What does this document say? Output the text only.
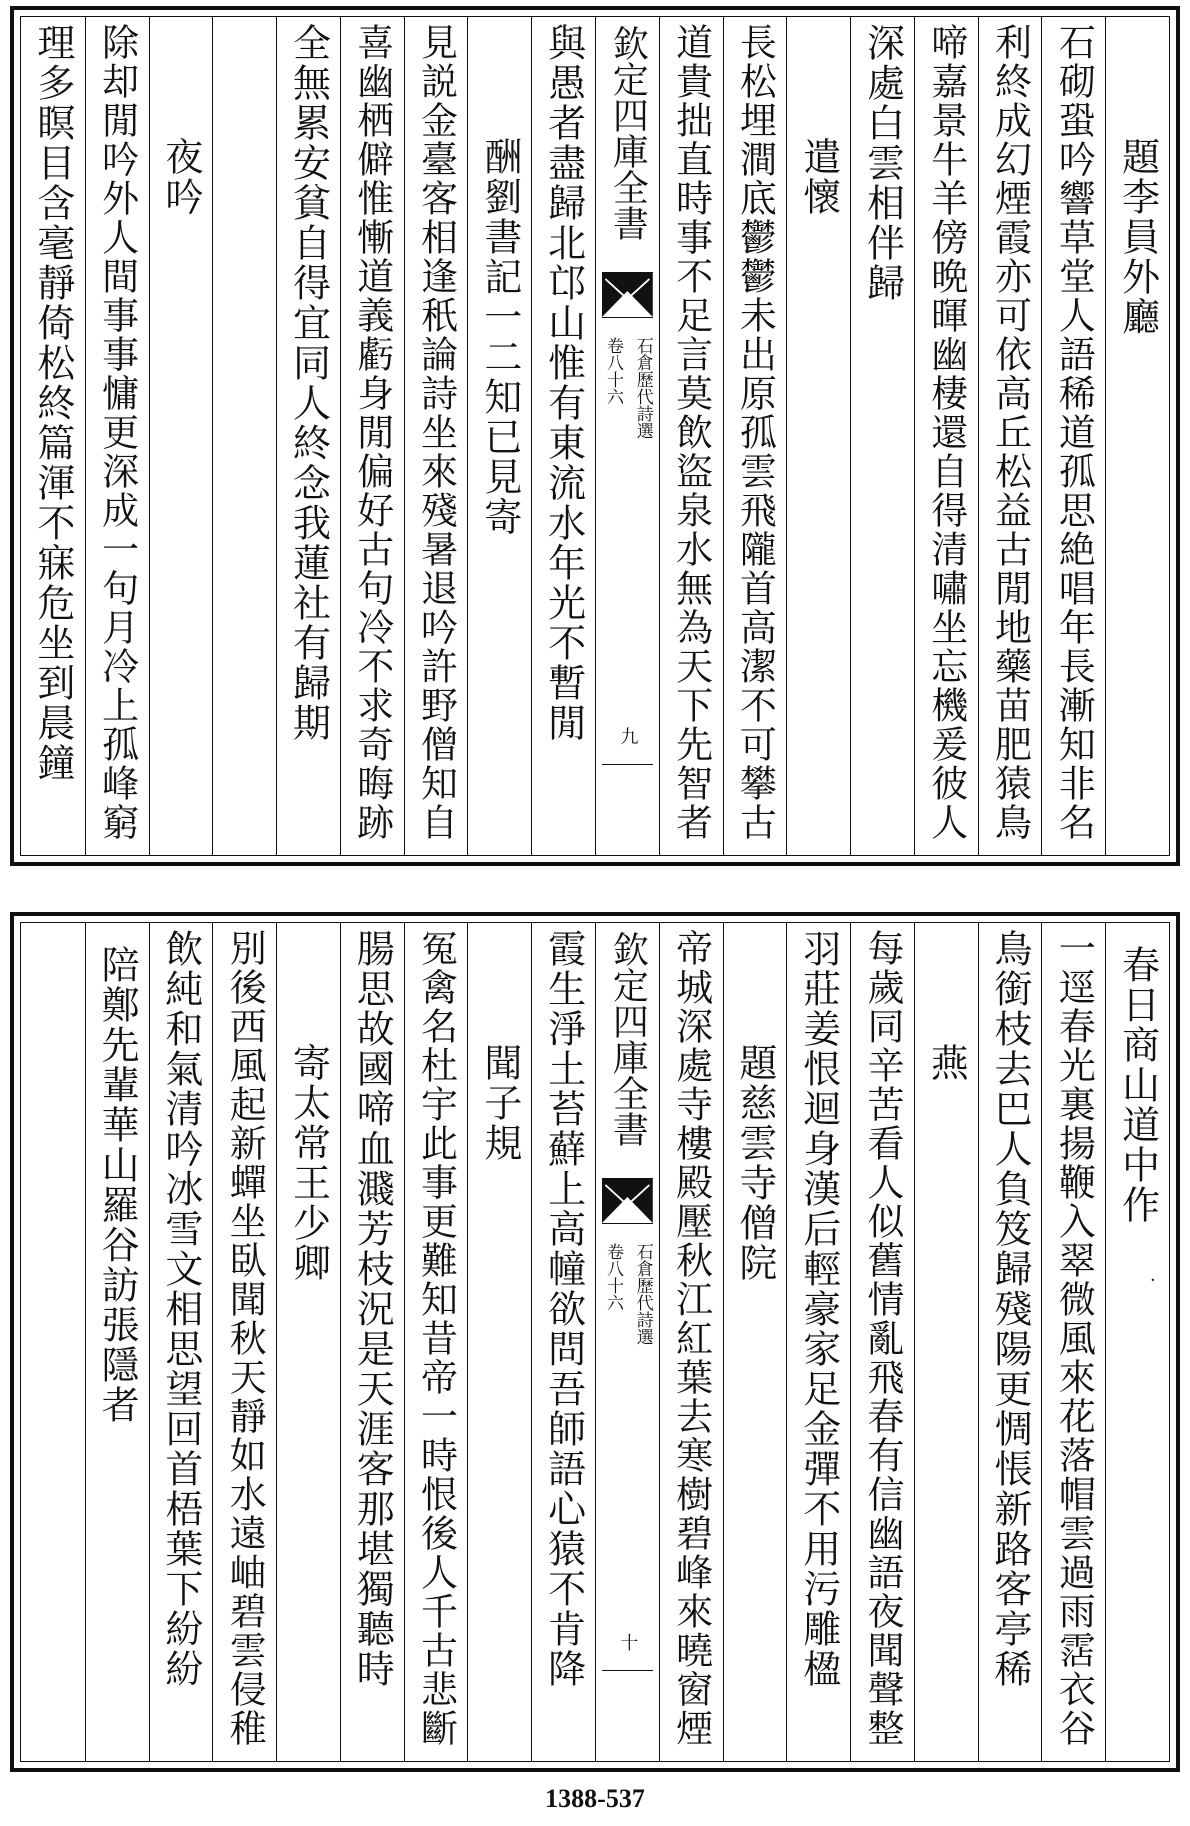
題李員外廳
石砌蛩吟響草堂人語稀道孤思絶唱年長漸知非名
利終成幻煙霞亦可依高丘松益古閒地藥苗肥猿鳥
啼嘉景牛羊傍晩暉幽棲還自得清嘯坐忘機爰彼人
深處白雲相伴歸
遣懷
長松埋澗底鬱鬱未出原孤雲飛隴首高潔不可攀古
道貴拙直時事不足言莫飲盜泉水無為天下先智者
欽定四庫全書
石倉歷代詩選
卷八十六
九
與愚者盡歸北邙山惟有東流水年光不暫閒
酬劉書記一二知已見寄
見説金臺客相逢秖論詩坐來殘暑退吟許野僧知自
喜幽栖僻惟慚道義虧身閒偏好古句冷不求奇晦跡
全無累安貧自得宜同人終念我蓮社有歸期
夜吟
除却閒吟外人間事事慵更深成一句月冷上孤峰窮
理多瞑目含毫靜倚松終篇渾不寐危坐到晨鐘
春日商山道中作
一逕春光裏揚鞭入翠微風來花落帽雲過雨霑衣谷
鳥銜枝去巴人負笈歸殘陽更惆悵新路客亭稀
燕
每歲同辛苦看人似舊情亂飛春有信幽語夜聞聲整
羽莊姜恨迴身漢后輕豪家足金彈不用污雕楹
題慈雲寺僧院
帝城深處寺樓殿壓秋江紅葉去寒樹碧峰來曉窗煙
欽定四庫全書
石倉歷代詩選
卷八十六
十
霞生淨土苔蘚上高幢欲問吾師語心猿不肯降
聞子規
冤禽名杜宇此事更難知昔帝一時恨後人千古悲斷
腸思故國啼血濺芳枝況是天涯客那堪獨聽時
寄太常王少卿
別後西風起新蟬坐臥聞秋天靜如水遠岫碧雲侵稚
飲純和氣清吟冰雪文相思望回首梧葉下紛紛
陪鄭先輩華山羅谷訪張隱者	·
1388-537
